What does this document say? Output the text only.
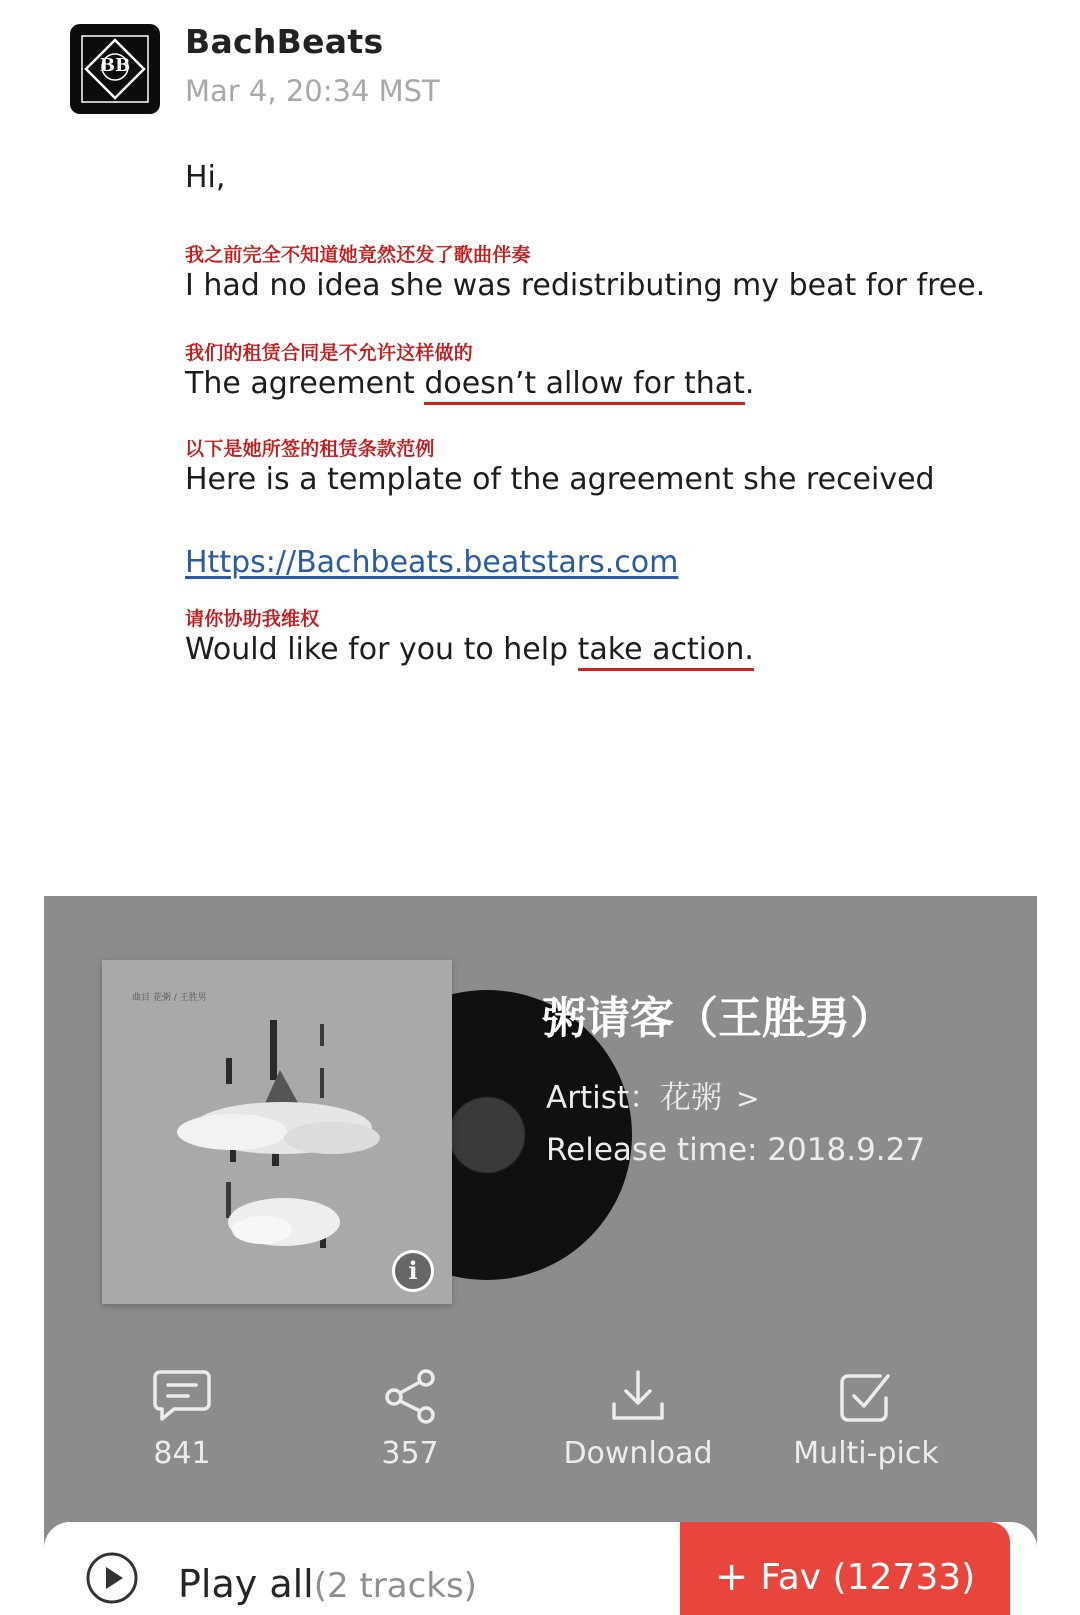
BB
BachBeats
Mar 4, 20:34 MST
Hi,
我之前完全不知道她竟然还发了歌曲伴奏
I had no idea she was redistributing my beat for free.
我们的租赁合同是不允许这样做的
The agreement doesn’t allow for that.
以下是她所签的租赁条款范例
Here is a template of the agreement she received
Https://Bachbeats.beatstars.com
请你协助我维权
Would like for you to help take action.
曲目 花粥 / 王胜男
i
粥请客（王胜男）
Artist：花粥 >
Release time: 2018.9.27
841	357	Download	Multi-pick
Play all(2 tracks)	+ Fav (12733)
